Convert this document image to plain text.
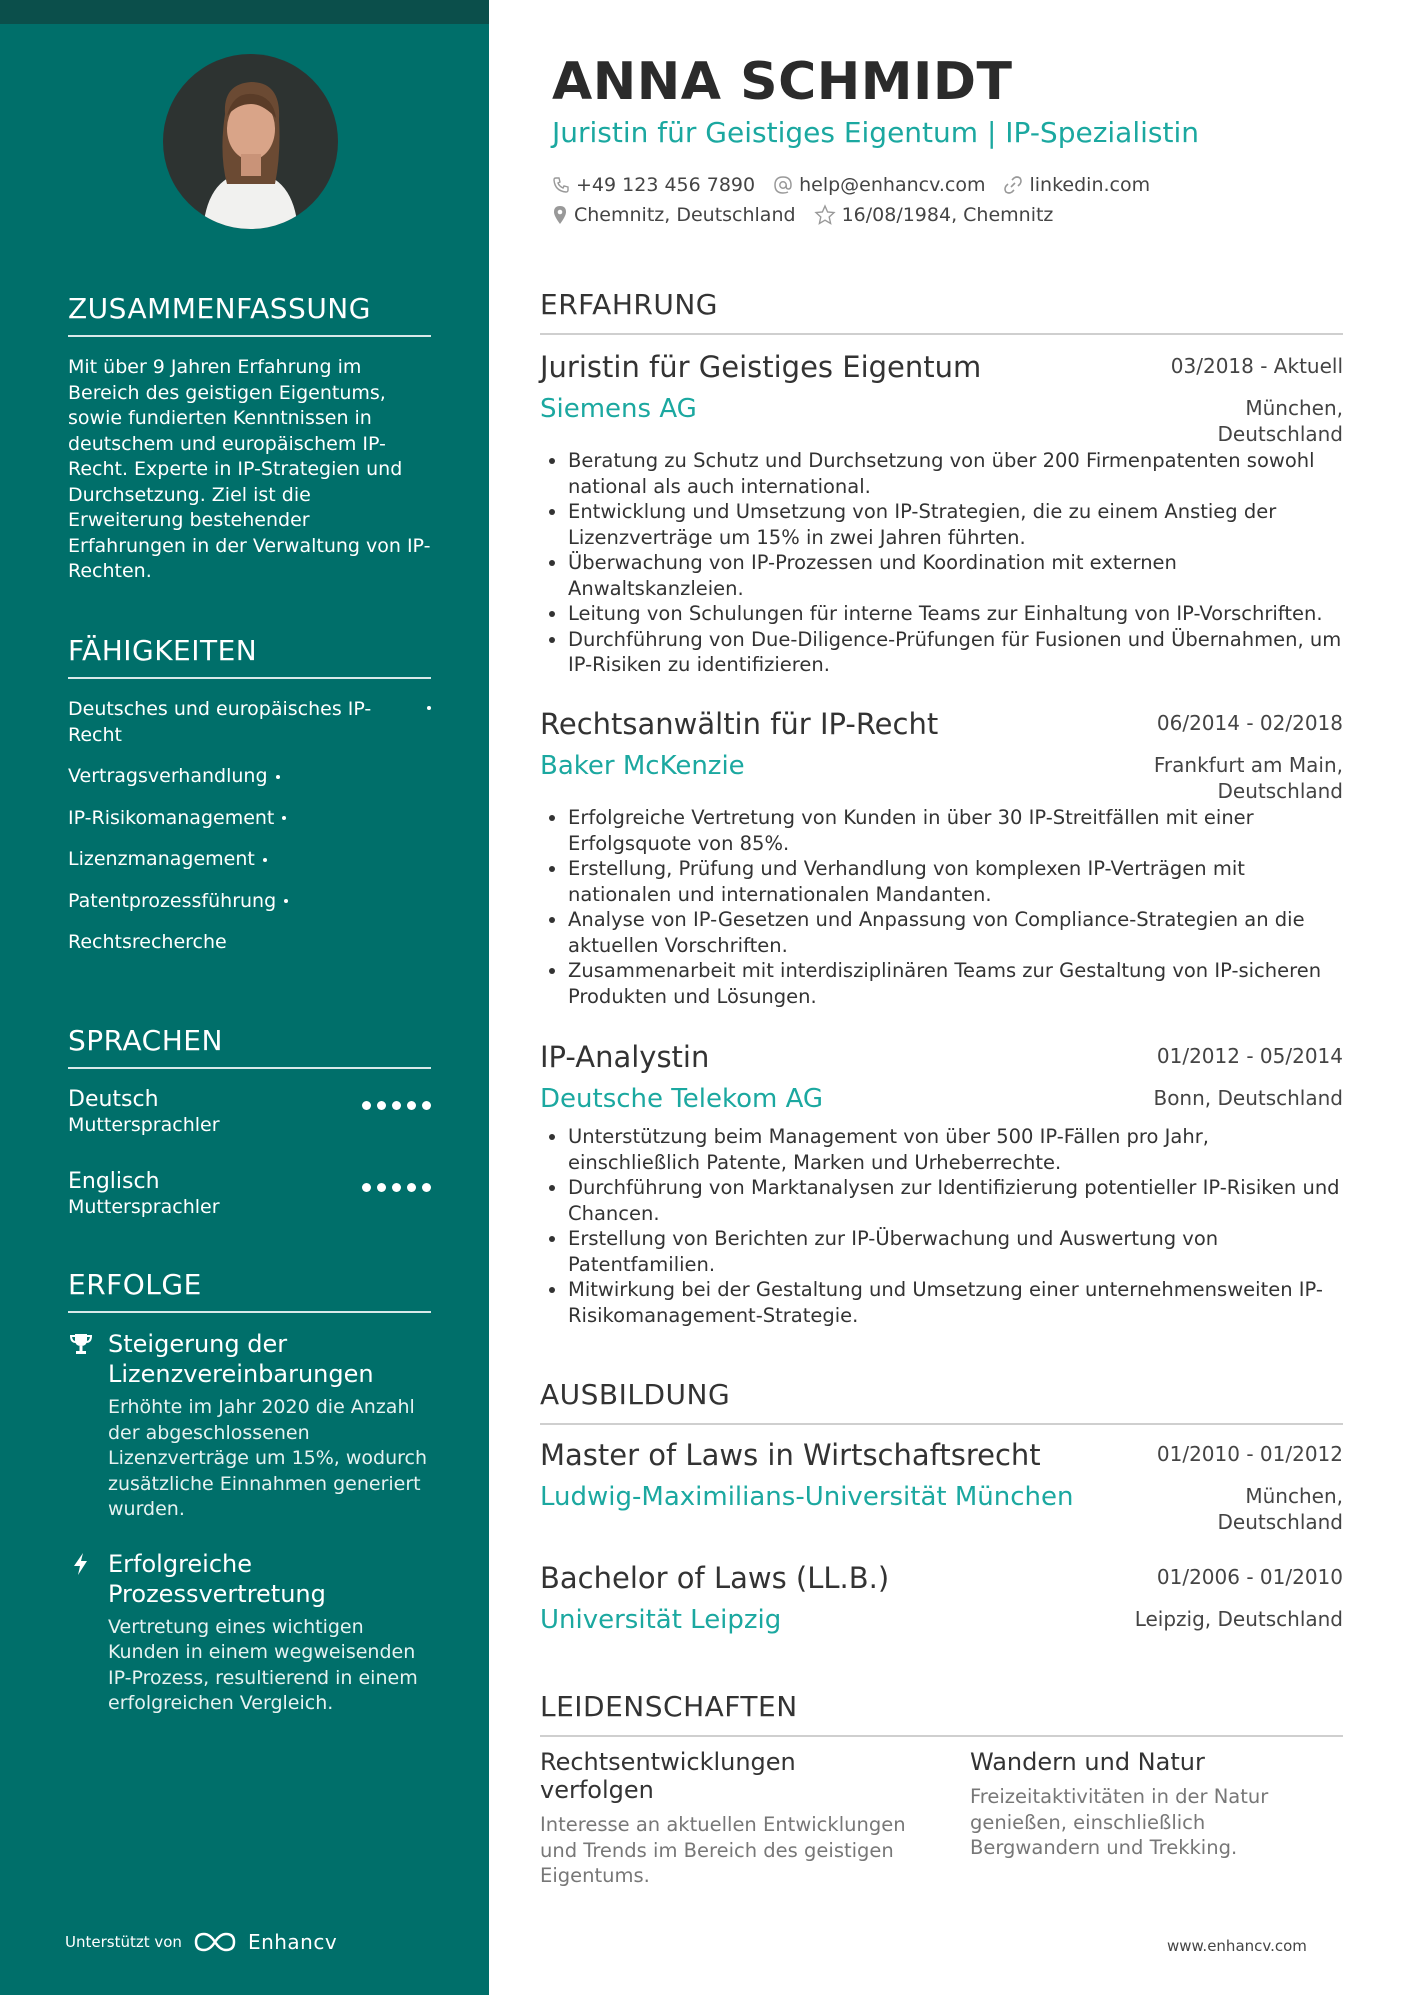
ZUSAMMENFASSUNG
Mit über 9 Jahren Erfahrung im Bereich des geistigen Eigentums, sowie fundierten Kenntnissen in deutschem und europäischem IP-Recht. Experte in IP-Strategien und Durchsetzung. Ziel ist die Erweiterung bestehender Erfahrungen in der Verwaltung von IP-Rechten.
FÄHIGKEITEN
Deutsches und europäisches IP-Recht
Vertragsverhandlung
IP-Risikomanagement
Lizenzmanagement
Patentprozessführung
Rechtsrecherche
SPRACHEN
Deutsch
Muttersprachler
Englisch
Muttersprachler
ERFOLGE
Steigerung der Lizenzvereinbarungen
Erhöhte im Jahr 2020 die Anzahl der abgeschlossenen Lizenzverträge um 15%, wodurch zusätzliche Einnahmen generiert wurden.
Erfolgreiche Prozessvertretung
Vertretung eines wichtigen Kunden in einem wegweisenden IP-Prozess, resultierend in einem erfolgreichen Vergleich.
Unterstützt von	Enhancv
ANNA SCHMIDT
Juristin für Geistiges Eigentum | IP-Spezialistin
+49 123 456 7890 help@enhancv.com linkedin.com
Chemnitz, Deutschland 16/08/1984, Chemnitz
ERFAHRUNG
Juristin für Geistiges Eigentum	03/2018 - Aktuell
Siemens AG	München, Deutschland
• Beratung zu Schutz und Durchsetzung von über 200 Firmenpatenten sowohl national als auch international.
• Entwicklung und Umsetzung von IP-Strategien, die zu einem Anstieg der Lizenzverträge um 15% in zwei Jahren führten.
• Überwachung von IP-Prozessen und Koordination mit externen Anwaltskanzleien.
• Leitung von Schulungen für interne Teams zur Einhaltung von IP-Vorschriften.
• Durchführung von Due-Diligence-Prüfungen für Fusionen und Übernahmen, um IP-Risiken zu identifizieren.
Rechtsanwältin für IP-Recht	06/2014 - 02/2018
Baker McKenzie	Frankfurt am Main, Deutschland
• Erfolgreiche Vertretung von Kunden in über 30 IP-Streitfällen mit einer Erfolgsquote von 85%.
• Erstellung, Prüfung und Verhandlung von komplexen IP-Verträgen mit nationalen und internationalen Mandanten.
• Analyse von IP-Gesetzen und Anpassung von Compliance-Strategien an die aktuellen Vorschriften.
• Zusammenarbeit mit interdisziplinären Teams zur Gestaltung von IP-sicheren Produkten und Lösungen.
IP-Analystin	01/2012 - 05/2014
Deutsche Telekom AG	Bonn, Deutschland
• Unterstützung beim Management von über 500 IP-Fällen pro Jahr, einschließlich Patente, Marken und Urheberrechte.
• Durchführung von Marktanalysen zur Identifizierung potentieller IP-Risiken und Chancen.
• Erstellung von Berichten zur IP-Überwachung und Auswertung von Patentfamilien.
• Mitwirkung bei der Gestaltung und Umsetzung einer unternehmensweiten IP-Risikomanagement-Strategie.
AUSBILDUNG
Master of Laws in Wirtschaftsrecht	01/2010 - 01/2012
Ludwig-Maximilians-Universität München	München, Deutschland
Bachelor of Laws (LL.B.)	01/2006 - 01/2010
Universität Leipzig	Leipzig, Deutschland
LEIDENSCHAFTEN
Rechtsentwicklungen verfolgen
Interesse an aktuellen Entwicklungen und Trends im Bereich des geistigen Eigentums.
Wandern und Natur
Freizeitaktivitäten in der Natur genießen, einschließlich Bergwandern und Trekking.
www.enhancv.com
